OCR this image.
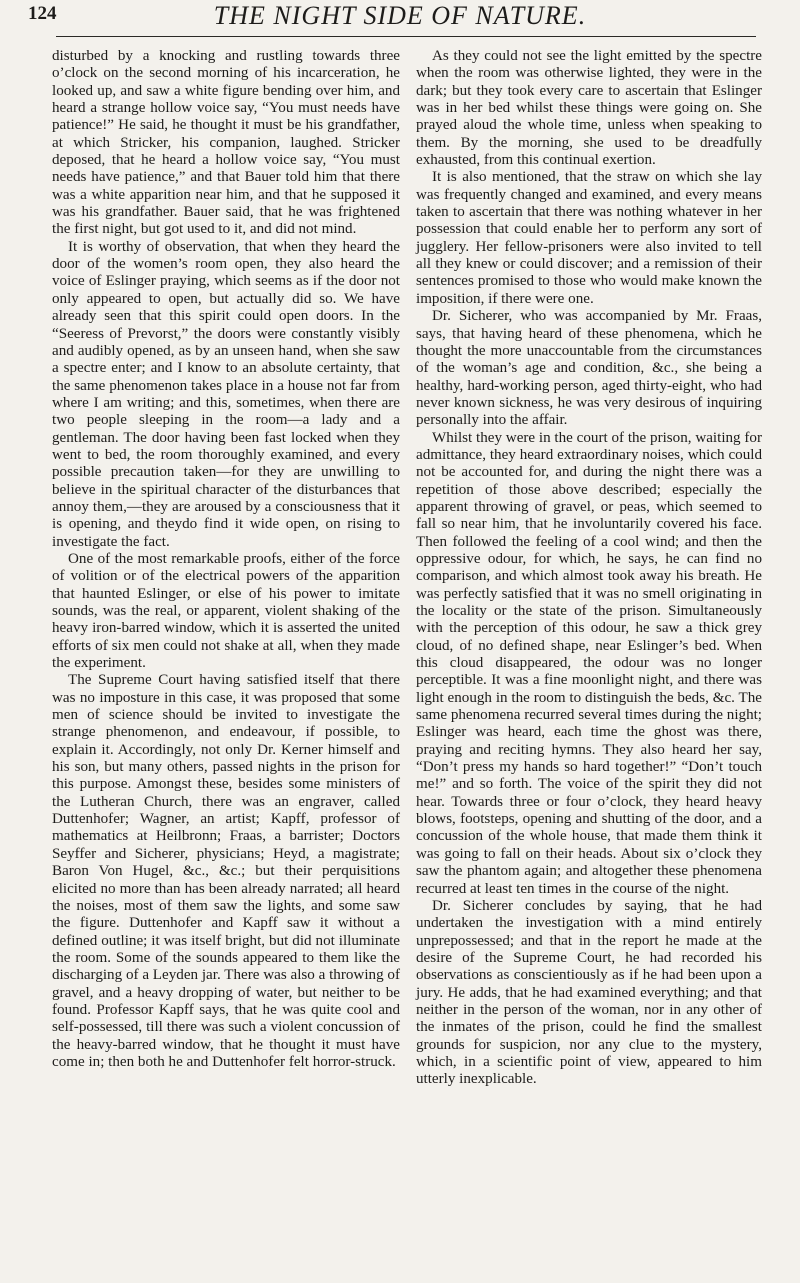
124	THE NIGHT SIDE OF NATURE.

disturbed by a knocking and rustling towards three o’clock on the second morning of his incarceration, he looked up, and saw a white figure bending over him, and heard a strange hollow voice say, “You must needs have patience!” He said, he thought it must be his grandfather, at which Stricker, his companion, laughed. Stricker deposed, that he heard a hollow voice say, “You must needs have patience,” and that Bauer told him that there was a white apparition near him, and that he supposed it was his grandfather. Bauer said, that he was frightened the first night, but got used to it, and did not mind.

It is worthy of observation, that when they heard the door of the women’s room open, they also heard the voice of Eslinger praying, which seems as if the door not only appeared to open, but actually did so. We have already seen that this spirit could open doors. In the “Seeress of Prevorst,” the doors were constantly visibly and audibly opened, as by an unseen hand, when she saw a spectre enter; and I know to an absolute certainty, that the same phenomenon takes place in a house not far from where I am writing; and this, sometimes, when there are two people sleeping in the room—a lady and a gentleman. The door having been fast locked when they went to bed, the room thoroughly examined, and every possible precaution taken—for they are unwilling to believe in the spiritual character of the disturbances that annoy them,—they are aroused by a consciousness that it is opening, and theydo find it wide open, on rising to investigate the fact.

One of the most remarkable proofs, either of the force of volition or of the electrical powers of the apparition that haunted Eslinger, or else of his power to imitate sounds, was the real, or apparent, violent shaking of the heavy iron-barred window, which it is asserted the united efforts of six men could not shake at all, when they made the experiment.

The Supreme Court having satisfied itself that there was no imposture in this case, it was proposed that some men of science should be invited to investigate the strange phenomenon, and endeavour, if possible, to explain it. Accordingly, not only Dr. Kerner himself and his son, but many others, passed nights in the prison for this purpose. Amongst these, besides some ministers of the Lutheran Church, there was an engraver, called Duttenhofer; Wagner, an artist; Kapff, professor of mathematics at Heilbronn; Fraas, a barrister; Doctors Seyffer and Sicherer, physicians; Heyd, a magistrate; Baron Von Hugel, &c., &c.; but their perquisitions elicited no more than has been already narrated; all heard the noises, most of them saw the lights, and some saw the figure. Duttenhofer and Kapff saw it without a defined outline; it was itself bright, but did not illuminate the room. Some of the sounds appeared to them like the discharging of a Leyden jar. There was also a throwing of gravel, and a heavy dropping of water, but neither to be found. Professor Kapff says, that he was quite cool and self-possessed, till there was such a violent concussion of the heavy-barred window, that he thought it must have come in; then both he and Duttenhofer felt horror-struck.

As they could not see the light emitted by the spectre when the room was otherwise lighted, they were in the dark; but they took every care to ascertain that Eslinger was in her bed whilst these things were going on. She prayed aloud the whole time, unless when speaking to them. By the morning, she used to be dreadfully exhausted, from this continual exertion.

It is also mentioned, that the straw on which she lay was frequently changed and examined, and every means taken to ascertain that there was nothing whatever in her possession that could enable her to perform any sort of jugglery. Her fellow-prisoners were also invited to tell all they knew or could discover; and a remission of their sentences promised to those who would make known the imposition, if there were one.

Dr. Sicherer, who was accompanied by Mr. Fraas, says, that having heard of these phenomena, which he thought the more unaccountable from the circumstances of the woman’s age and condition, &c., she being a healthy, hard-working person, aged thirty-eight, who had never known sickness, he was very desirous of inquiring personally into the affair.

Whilst they were in the court of the prison, waiting for admittance, they heard extraordinary noises, which could not be accounted for, and during the night there was a repetition of those above described; especially the apparent throwing of gravel, or peas, which seemed to fall so near him, that he involuntarily covered his face. Then followed the feeling of a cool wind; and then the oppressive odour, for which, he says, he can find no comparison, and which almost took away his breath. He was perfectly satisfied that it was no smell originating in the locality or the state of the prison. Simultaneously with the perception of this odour, he saw a thick grey cloud, of no defined shape, near Eslinger’s bed. When this cloud disappeared, the odour was no longer perceptible. It was a fine moonlight night, and there was light enough in the room to distinguish the beds, &c. The same phenomena recurred several times during the night; Eslinger was heard, each time the ghost was there, praying and reciting hymns. They also heard her say, “Don’t press my hands so hard together!” “Don’t touch me!” and so forth. The voice of the spirit they did not hear. Towards three or four o’clock, they heard heavy blows, footsteps, opening and shutting of the door, and a concussion of the whole house, that made them think it was going to fall on their heads. About six o’clock they saw the phantom again; and altogether these phenomena recurred at least ten times in the course of the night.

Dr. Sicherer concludes by saying, that he had undertaken the investigation with a mind entirely unprepossessed; and that in the report he made at the desire of the Supreme Court, he had recorded his observations as conscientiously as if he had been upon a jury. He adds, that he had examined everything; and that neither in the person of the woman, nor in any other of the inmates of the prison, could he find the smallest grounds for suspicion, nor any clue to the mystery, which, in a scientific point of view, appeared to him utterly inexplicable.
